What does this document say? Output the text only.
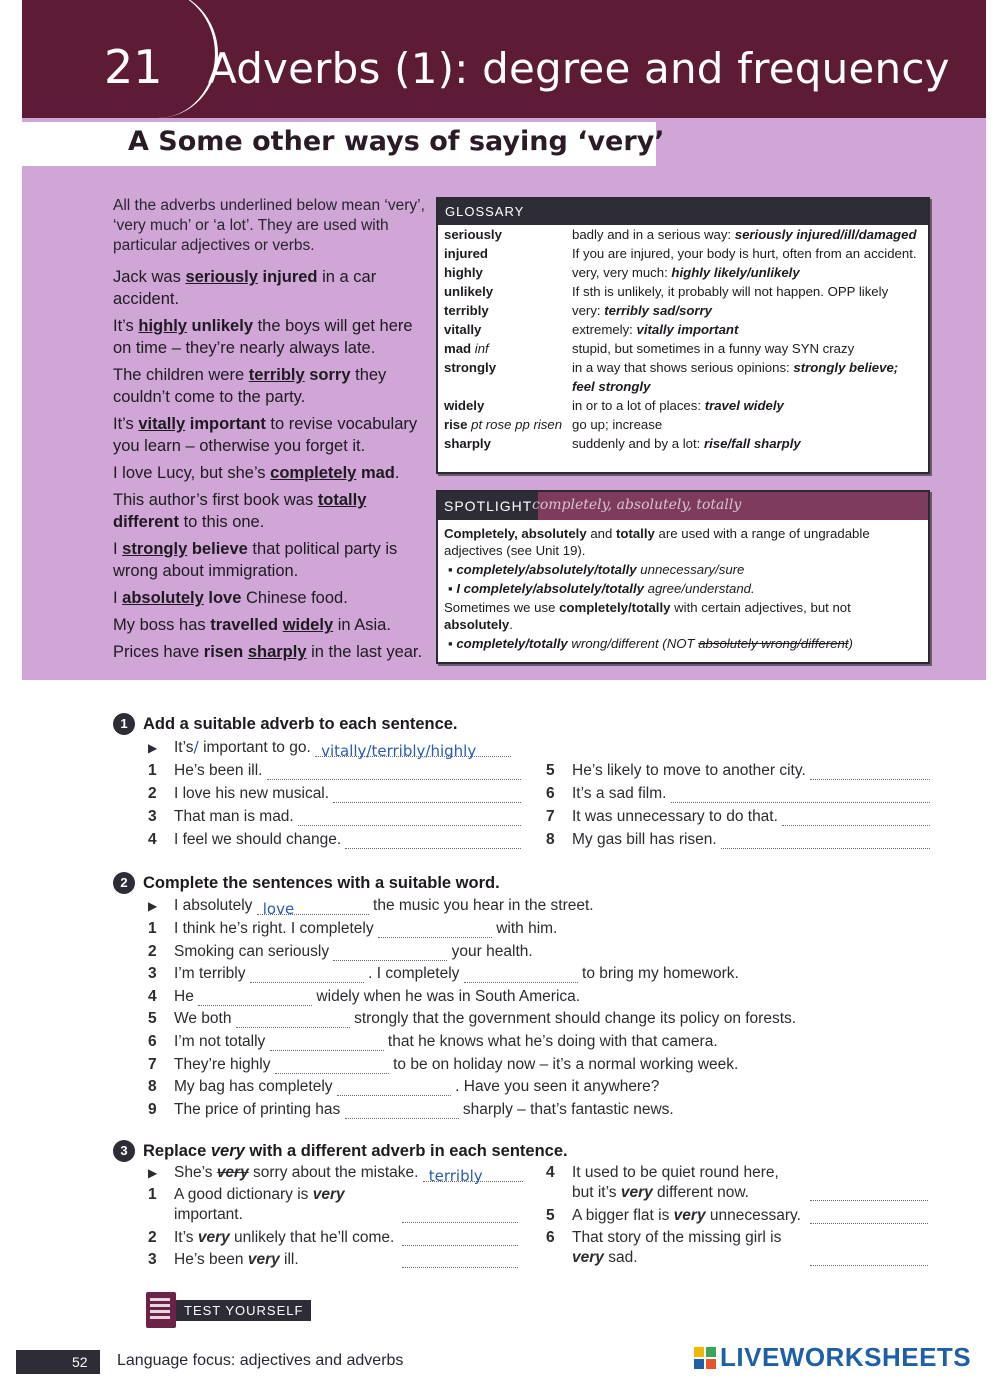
21 Adverbs (1): degree and frequency
A Some other ways of saying ‘very’

All the adverbs underlined below mean ‘very’, ‘very much’ or ‘a lot’. They are used with particular adjectives or verbs.

Jack was seriously injured in a car accident.

It’s highly unlikely the boys will get here on time – they’re nearly always late.

The children were terribly sorry they couldn’t come to the party.

It’s vitally important to revise vocabulary you learn – otherwise you forget it.

I love Lucy, but she’s completely mad.

This author’s first book was totally different to this one.

I strongly believe that political party is wrong about immigration.

I absolutely love Chinese food.

My boss has travelled widely in Asia.

Prices have risen sharply in the last year.

GLOSSARY
seriously	badly and in a serious way: seriously injured/ill/damaged
injured	If you are injured, your body is hurt, often from an accident.
highly	very, very much: highly likely/unlikely
unlikely	If sth is unlikely, it probably will not happen. OPP likely
terribly	very: terribly sad/sorry
vitally	extremely: vitally important
mad inf	stupid, but sometimes in a funny way SYN crazy
strongly	in a way that shows serious opinions: strongly believe; feel strongly
widely	in or to a lot of places: travel widely
rise pt rose pp risen go up; increase
sharply	suddenly and by a lot: rise/fall sharply
SPOTLIGHT completely, absolutely, totally

Completely, absolutely and totally are used with a range of ungradable adjectives (see Unit 19).

▪ completely/absolutely/totally unnecessary/sure

▪ I completely/absolutely/totally agree/understand.

Sometimes we use completely/totally with certain adjectives, but not absolutely.

▪ completely/totally wrong/different (NOT absolutely wrong/different)

1 Add a suitable adverb to each sentence.
▶ It’s/ important to go. vitally/terribly/highly
1 He’s been ill.
2 I love his new musical.
3 That man is mad.
4 I feel we should change.
5 He’s likely to move to another city.
6 It’s a sad film.
7 It was unnecessary to do that.
8 My gas bill has risen.
2 Complete the sentences with a suitable word.
▶ I absolutely love	the music you hear in the street.
1 I think he’s right. I completely	with him.
2 Smoking can seriously	your health.
3 I’m terribly	. I completely	to bring my homework.
4 He	widely when he was in South America.
5 We both	strongly that the government should change its policy on forests.
6 I’m not totally	that he knows what he’s doing with that camera.
7 They’re highly	to be on holiday now – it’s a normal working week.
8 My bag has completely	. Have you seen it anywhere?
9 The price of printing has	sharply – that’s fantastic news.
3 Replace very with a different adverb in each sentence.
▶ She’s very sorry about the mistake. terribly
1 A good dictionary is very
important.
2 It’s very unlikely that he’ll come.
3 He’s been very ill.
4 It used to be quiet round here,
but it’s very different now.
5 A bigger flat is very unnecessary.
6 That story of the missing girl is
very sad.
TEST YOURSELF
52 Language focus: adjectives and adverbs	LIVEWORKSHEETS
